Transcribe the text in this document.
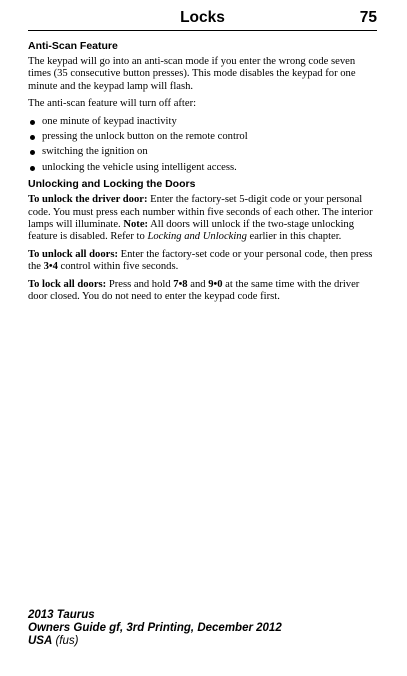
Locks	75
Anti-Scan Feature

The keypad will go into an anti-scan mode if you enter the wrong code seven times (35 consecutive button presses). This mode disables the keypad for one minute and the keypad lamp will flash.

The anti-scan feature will turn off after:

one minute of keypad inactivity
pressing the unlock button on the remote control
switching the ignition on
unlocking the vehicle using intelligent access.
Unlocking and Locking the Doors

To unlock the driver door: Enter the factory-set 5-digit code or your personal code. You must press each number within five seconds of each other. The interior lamps will illuminate. Note: All doors will unlock if the two-stage unlocking feature is disabled. Refer to Locking and Unlocking earlier in this chapter.

To unlock all doors: Enter the factory-set code or your personal code, then press the 3•4 control within five seconds.

To lock all doors: Press and hold 7•8 and 9•0 at the same time with the driver door closed. You do not need to enter the keypad code first.

2013 Taurus
Owners Guide gf, 3rd Printing, December 2012
USA (fus)
